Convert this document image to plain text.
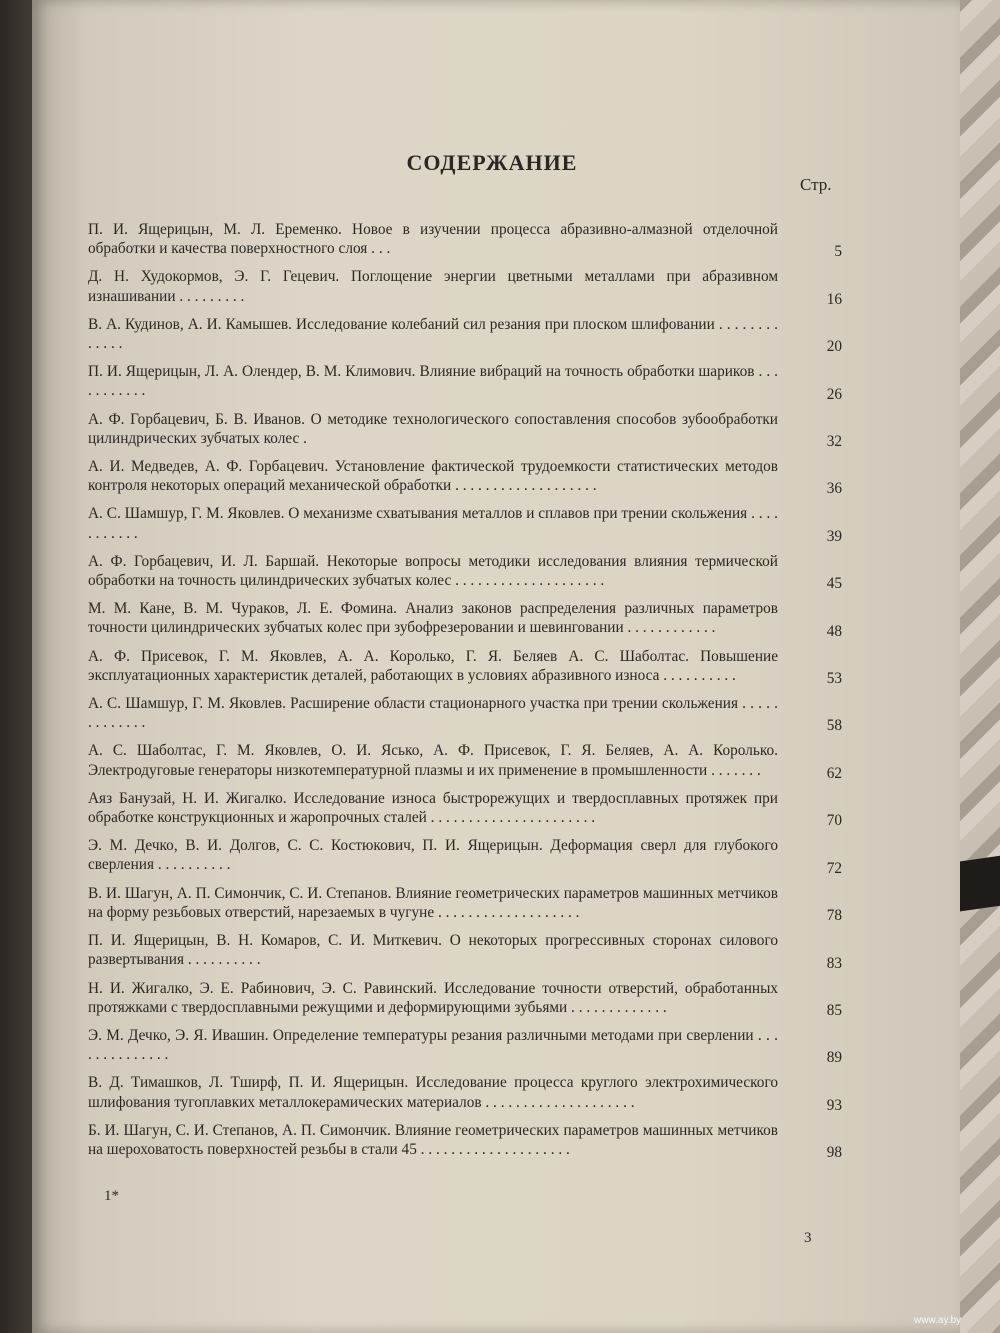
СОДЕРЖАНИЕ
Стр.
П. И. Ящерицын, М. Л. Еременко. Новое в изучении процесса абразивно-алмазной отделочной обработки и качества поверхностного слоя . . .	5
Д. Н. Худокормов, Э. Г. Гецевич. Поглощение энергии цветными металлами при абразивном изнашивании . . . . . . . . .	16
В. А. Кудинов, А. И. Камышев. Исследование колебаний сил резания при плоском шлифовании . . . . . . . . . . . . .	20
П. И. Ящерицын, Л. А. Олендер, В. М. Климович. Влияние вибраций на точность обработки шариков . . . . . . . . . . .	26
А. Ф. Горбацевич, Б. В. Иванов. О методике технологического сопоставления способов зубообработки цилиндрических зубчатых колес .	32
А. И. Медведев, А. Ф. Горбацевич. Установление фактической трудоемкости статистических методов контроля некоторых операций механической обработки . . . . . . . . . . . . . . . . . . .	36
А. С. Шамшур, Г. М. Яковлев. О механизме схватывания металлов и сплавов при трении скольжения . . . . . . . . . . .	39
А. Ф. Горбацевич, И. Л. Баршай. Некоторые вопросы методики исследования влияния термической обработки на точность цилиндрических зубчатых колес . . . . . . . . . . . . . . . . . . . .	45
М. М. Кане, В. М. Чураков, Л. Е. Фомина. Анализ законов распределения различных параметров точности цилиндрических зубчатых колес при зубофрезеровании и шевинговании . . . . . . . . . . . .	48
А. Ф. Присевок, Г. М. Яковлев, А. А. Королько, Г. Я. Беляев А. С. Шаболтас. Повышение эксплуатационных характеристик деталей, работающих в условиях абразивного износа . . . . . . . . . .	53
А. С. Шамшур, Г. М. Яковлев. Расширение области стационарного участка при трении скольжения . . . . . . . . . . . . .	58
А. С. Шаболтас, Г. М. Яковлев, О. И. Ясько, А. Ф. Присевок, Г. Я. Беляев, А. А. Королько. Электродуговые генераторы низкотемпературной плазмы и их применение в промышленности . . . . . . .	62
Аяз Банузай, Н. И. Жигалко. Исследование износа быстрорежущих и твердосплавных протяжек при обработке конструкционных и жаропрочных сталей . . . . . . . . . . . . . . . . . . . . . .	70
Э. М. Дечко, В. И. Долгов, С. С. Костюкович, П. И. Ящерицын. Деформация сверл для глубокого сверления . . . . . . . . . .	72
В. И. Шагун, А. П. Симончик, С. И. Степанов. Влияние геометрических параметров машинных метчиков на форму резьбовых отверстий, нарезаемых в чугуне . . . . . . . . . . . . . . . . . . .	78
П. И. Ящерицын, В. Н. Комаров, С. И. Миткевич. О некоторых прогрессивных сторонах силового развертывания . . . . . . . . . .	83
Н. И. Жигалко, Э. Е. Рабинович, Э. С. Равинский. Исследование точности отверстий, обработанных протяжками с твердосплавными режущими и деформирующими зубьями . . . . . . . . . . . . .	85
Э. М. Дечко, Э. Я. Ивашин. Определение температуры резания различными методами при сверлении . . . . . . . . . . . . . .	89
В. Д. Тимашков, Л. Тширф, П. И. Ящерицын. Исследование процесса круглого электрохимического шлифования тугоплавких металлокерамических материалов . . . . . . . . . . . . . . . . . . . .	93
Б. И. Шагун, С. И. Степанов, А. П. Симончик. Влияние геометрических параметров машинных метчиков на шероховатость поверхностей резьбы в стали 45 . . . . . . . . . . . . . . . . . . . .	98
1*
3
www.ay.by
